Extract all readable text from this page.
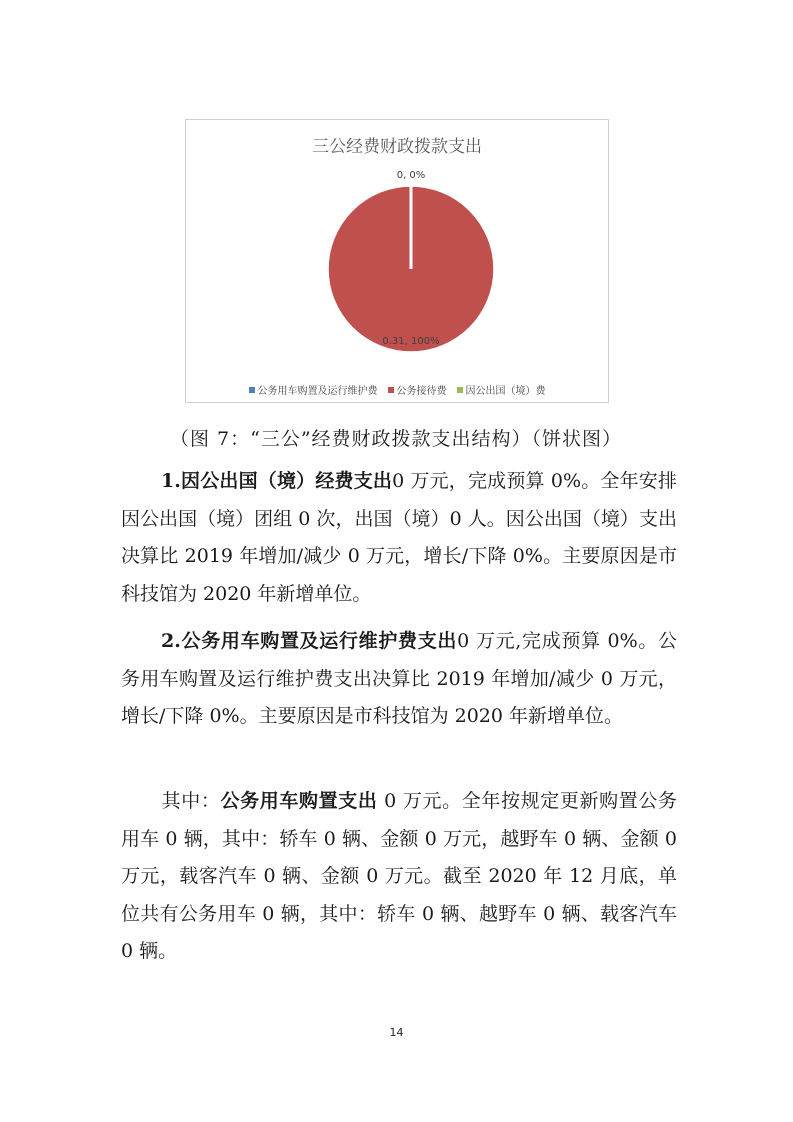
三公经费财政拨款支出
0, 0%
0.31, 100%
公务用车购置及运行维护费 公务接待费 因公出国（境）费
（图 7：“三公”经费财政拨款支出结构）（饼状图）

1.因公出国（境）经费支出0 万元，完成预算 0%。全年安排因公出国（境）团组 0 次，出国（境）0 人。因公出国（境）支出决算比 2019 年增加/减少 0 万元，增长/下降 0%。主要原因是市科技馆为 2020 年新增单位。

2.公务用车购置及运行维护费支出0 万元,完成预算 0%。公务用车购置及运行维护费支出决算比 2019 年增加/减少 0 万元，增长/下降 0%。主要原因是市科技馆为 2020 年新增单位。

其中：公务用车购置支出 0 万元。全年按规定更新购置公务用车 0 辆，其中：轿车 0 辆、金额 0 万元，越野车 0 辆、金额 0 万元，载客汽车 0 辆、金额 0 万元。截至 2020 年 12 月底，单位共有公务用车 0 辆，其中：轿车 0 辆、越野车 0 辆、载客汽车 0 辆。

14
